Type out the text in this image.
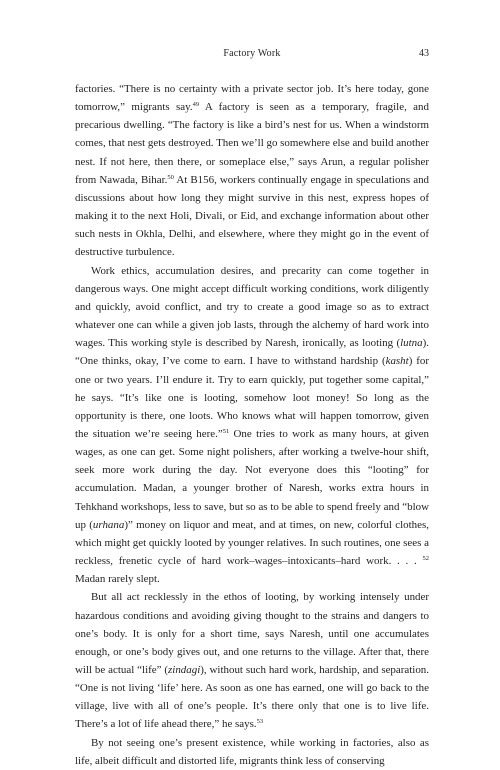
Factory Work	43

factories. “There is no certainty with a private sector job. It’s here today, gone tomorrow,” migrants say.$^{49}$ A factory is seen as a temporary, fragile, and precarious dwelling. “The factory is like a bird’s nest for us. When a windstorm comes, that nest gets destroyed. Then we’ll go somewhere else and build another nest. If not here, then there, or someplace else,” says Arun, a regular polisher from Nawada, Bihar.$^{50}$ At B156, workers continually engage in speculations and discussions about how long they might survive in this nest, express hopes of making it to the next Holi, Divali, or Eid, and exchange information about other such nests in Okhla, Delhi, and elsewhere, where they might go in the event of destructive turbulence.

Work ethics, accumulation desires, and precarity can come together in dangerous ways. One might accept difficult working conditions, work diligently and quickly, avoid conflict, and try to create a good image so as to extract whatever one can while a given job lasts, through the alchemy of hard work into wages. This working style is described by Naresh, ironically, as looting (lutna). “One thinks, okay, I’ve come to earn. I have to withstand hardship (kasht) for one or two years. I’ll endure it. Try to earn quickly, put together some capital,” he says. “It’s like one is looting, somehow loot money! So long as the opportunity is there, one loots. Who knows what will happen tomorrow, given the situation we’re seeing here.”$^{51}$ One tries to work as many hours, at given wages, as one can get. Some night polishers, after working a twelve-hour shift, seek more work during the day. Not everyone does this “looting” for accumulation. Madan, a younger brother of Naresh, works extra hours in Tehkhand workshops, less to save, but so as to be able to spend freely and “blow up (urhana)” money on liquor and meat, and at times, on new, colorful clothes, which might get quickly looted by younger relatives. In such routines, one sees a reckless, frenetic cycle of hard work–wages–intoxicants–hard work. . . . $^{52}$ Madan rarely slept.

But all act recklessly in the ethos of looting, by working intensely under hazardous conditions and avoiding giving thought to the strains and dangers to one’s body. It is only for a short time, says Naresh, until one accumulates enough, or one’s body gives out, and one returns to the village. After that, there will be actual “life” (zindagi), without such hard work, hardship, and separation. “One is not living ‘life’ here. As soon as one has earned, one will go back to the village, live with all of one’s people. It’s there only that one is to live life. There’s a lot of life ahead there,” he says.$^{53}$

By not seeing one’s present existence, while working in factories, also as life, albeit difficult and distorted life, migrants think less of conserving
